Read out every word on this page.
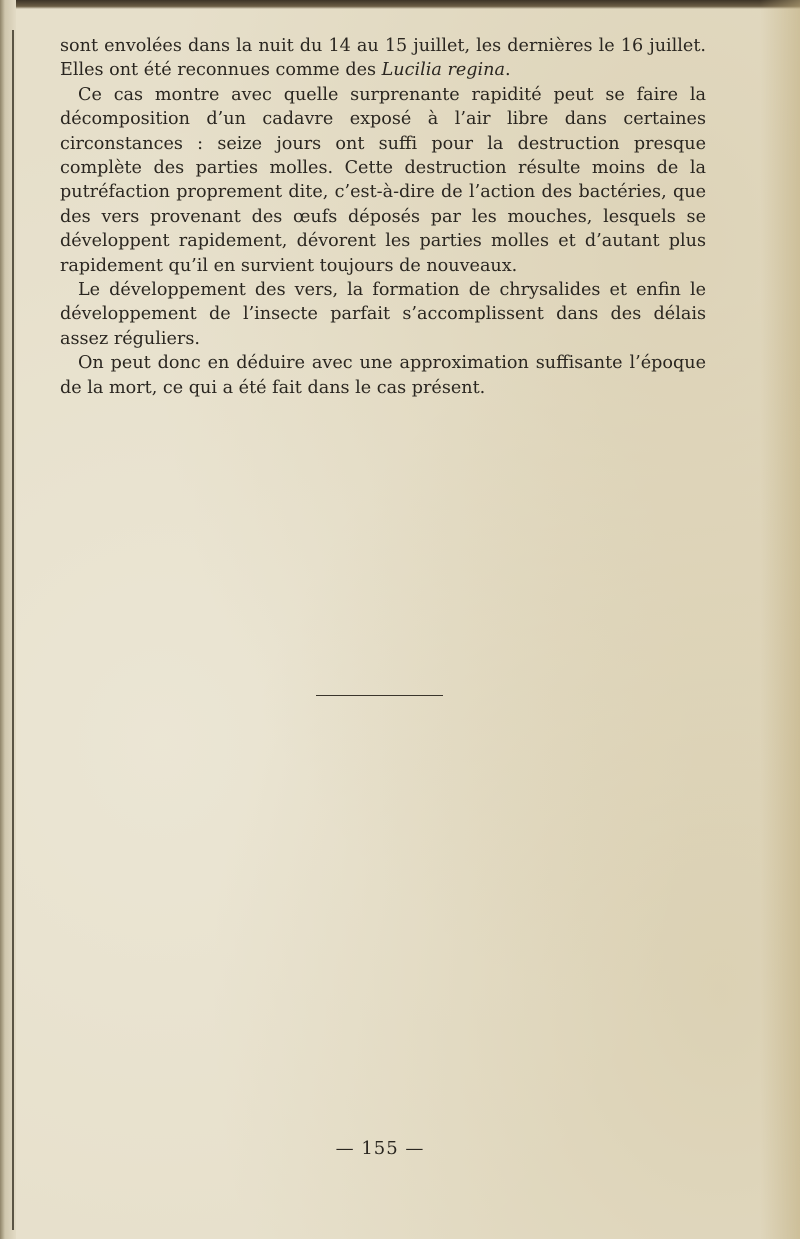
sont envolées dans la nuit du 14 au 15 juillet, les dernières le 16 juillet. Elles ont été reconnues comme des Lucilia regina.

Ce cas montre avec quelle surprenante rapidité peut se faire la décomposition d’un cadavre exposé à l’air libre dans certaines circonstances : seize jours ont suffi pour la destruction presque complète des parties molles. Cette destruction résulte moins de la putréfaction proprement dite, c’est-à-dire de l’action des bactéries, que des vers provenant des œufs déposés par les mouches, lesquels se développent rapidement, dévorent les parties molles et d’autant plus rapidement qu’il en survient toujours de nouveaux.

Le développement des vers, la formation de chrysalides et enfin le développement de l’insecte parfait s’accomplissent dans des délais assez réguliers.

On peut donc en déduire avec une approximation suffisante l’époque de la mort, ce qui a été fait dans le cas présent.

— 155 —
